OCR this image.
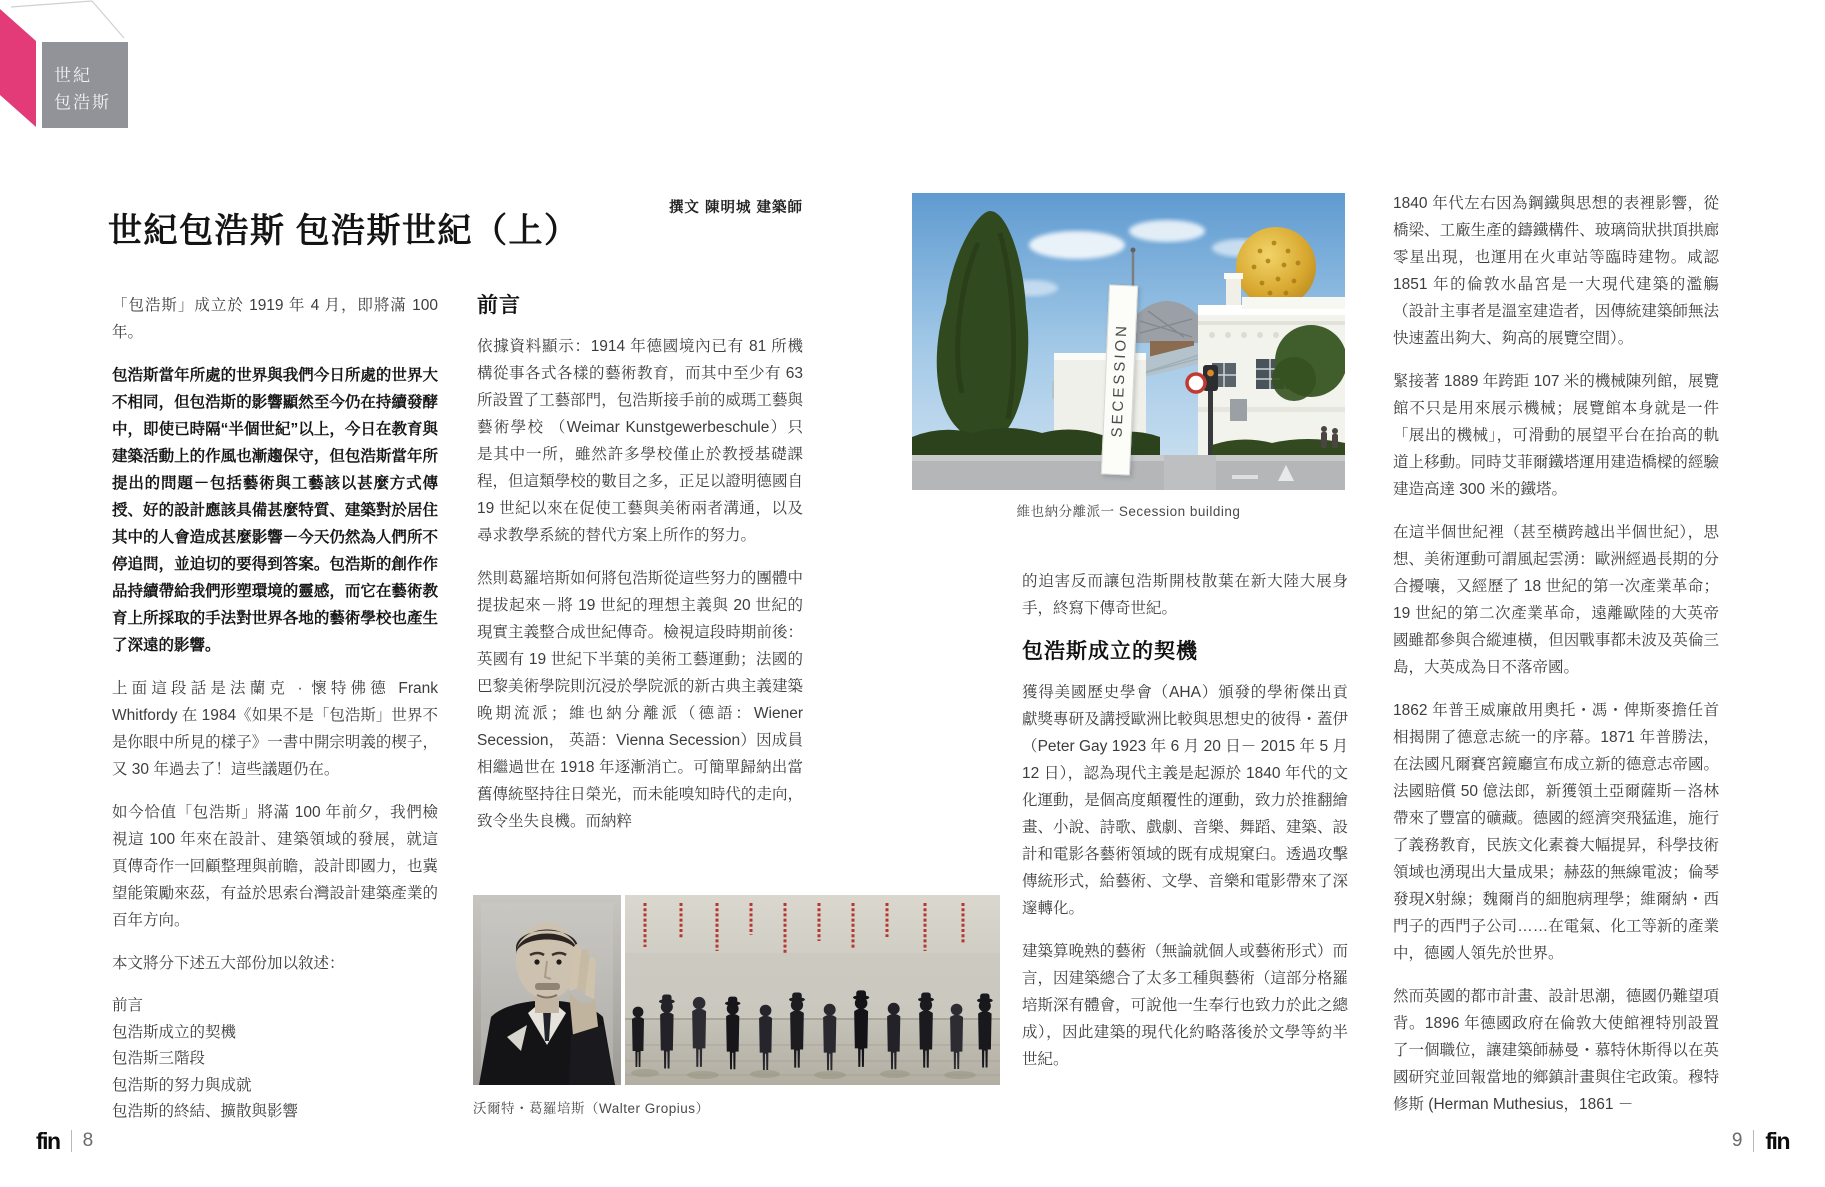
世紀
包浩斯
世紀包浩斯 包浩斯世紀（上）
撰文 陳明城 建築師

「包浩斯」成立於 1919 年 4 月，即將滿 100 年。

包浩斯當年所處的世界與我們今日所處的世界大不相同，但包浩斯的影響顯然至今仍在持續發酵中，即使已時隔“半個世紀”以上，今日在教育與建築活動上的作風也漸趨保守，但包浩斯當年所提出的問題－包括藝術與工藝該以甚麼方式傳授、好的設計應該具備甚麼特質、建築對於居住其中的人會造成甚麼影響－今天仍然為人們所不停追問，並迫切的要得到答案。包浩斯的創作作品持續帶給我們形塑環境的靈感，而它在藝術教育上所採取的手法對世界各地的藝術學校也產生了深遠的影響。

上面這段話是法蘭克 · 懷特佛德 Frank Whitfordy 在 1984《如果不是「包浩斯」世界不是你眼中所見的樣子》一書中開宗明義的楔子，又 30 年過去了！這些議題仍在。

如今恰值「包浩斯」將滿 100 年前夕，我們檢視這 100 年來在設計、建築領域的發展，就這頁傳奇作一回顧整理與前瞻，設計即國力，也冀望能策勵來茲，有益於思索台灣設計建築產業的百年方向。

本文將分下述五大部份加以敘述：

前言
包浩斯成立的契機
包浩斯三階段
包浩斯的努力與成就
包浩斯的終結、擴散與影響
前言

依據資料顯示：1914 年德國境內已有 81 所機構從事各式各樣的藝術教育，而其中至少有 63 所設置了工藝部門，包浩斯接手前的威瑪工藝與藝術學校 （Weimar Kunstgewerbeschule）只是其中一所，雖然許多學校僅止於教授基礎課程，但這類學校的數目之多，正足以證明德國自 19 世紀以來在促使工藝與美術兩者溝通，以及尋求教學系統的替代方案上所作的努力。

然則葛羅培斯如何將包浩斯從這些努力的團體中提拔起來－將 19 世紀的理想主義與 20 世紀的現實主義整合成世紀傳奇。檢視這段時期前後：英國有 19 世紀下半葉的美術工藝運動；法國的巴黎美術學院則沉浸於學院派的新古典主義建築晚期流派；維也納分離派（德語：Wiener Secession， 英語：Vienna Secession）因成員相繼過世在 1918 年逐漸消亡。可簡單歸納出當舊傳統堅持往日榮光，而未能嗅知時代的走向，致令坐失良機。而納粹

SECESSION
維也納分離派一 Secession building

的迫害反而讓包浩斯開枝散葉在新大陸大展身手，終寫下傳奇世紀。

包浩斯成立的契機

獲得美國歷史學會（AHA）頒發的學術傑出貢獻獎專研及講授歐洲比較與思想史的彼得・蓋伊（Peter Gay 1923 年 6 月 20 日－ 2015 年 5 月 12 日），認為現代主義是起源於 1840 年代的文化運動，是個高度顛覆性的運動，致力於推翻繪畫、小說、詩歌、戲劇、音樂、舞蹈、建築、設計和電影各藝術領域的既有成規窠臼。透過攻擊傳統形式，給藝術、文學、音樂和電影帶來了深邃轉化。

建築算晚熟的藝術（無論就個人或藝術形式）而言，因建築總合了太多工種與藝術（這部分格羅培斯深有體會，可說他一生奉行也致力於此之總成），因此建築的現代化約略落後於文學等約半世紀。

1840 年代左右因為鋼鐵與思想的表裡影響，從橋梁、工廠生產的鑄鐵構件、玻璃筒狀拱頂拱廊零星出現，也運用在火車站等臨時建物。咸認 1851 年的倫敦水晶宮是一大現代建築的濫觴（設計主事者是溫室建造者，因傳統建築師無法快速蓋出夠大、夠高的展覽空間）。

緊接著 1889 年跨距 107 米的機械陳列館，展覽館不只是用來展示機械；展覽館本身就是一件「展出的機械」，可滑動的展望平台在抬高的軌道上移動。同時艾菲爾鐵塔運用建造橋樑的經驗建造高達 300 米的鐵塔。

在這半個世紀裡（甚至橫跨越出半個世紀），思想、美術運動可謂風起雲湧：歐洲經過長期的分合擾嚷，又經歷了 18 世紀的第一次產業革命；19 世紀的第二次產業革命，遠離歐陸的大英帝國雖都參與合縱連橫，但因戰事都未波及英倫三島，大英成為日不落帝國。

1862 年普王威廉啟用奧托・馮・俾斯麥擔任首相揭開了德意志統一的序幕。1871 年普勝法，在法國凡爾賽宮鏡廳宣布成立新的德意志帝國。法國賠償 50 億法郎，新獲領土亞爾薩斯－洛林帶來了豐富的礦藏。德國的經濟突飛猛進，施行了義務教育，民族文化素養大幅提昇，科學技術領域也湧現出大量成果；赫茲的無線電波；倫琴發現X射線；魏爾肖的細胞病理學；維爾納・西門子的西門子公司……在電氣、化工等新的產業中，德國人領先於世界。

然而英國的都市計畫、設計思潮，德國仍難望項背。1896 年德國政府在倫敦大使館裡特別設置了一個職位，讓建築師赫曼・慕特休斯得以在英國研究並回報當地的鄉鎮計畫與住宅政策。穆特修斯 (Herman Muthesius，1861 －

沃爾特・葛羅培斯（Walter Gropius）
fin 8	9 fin
